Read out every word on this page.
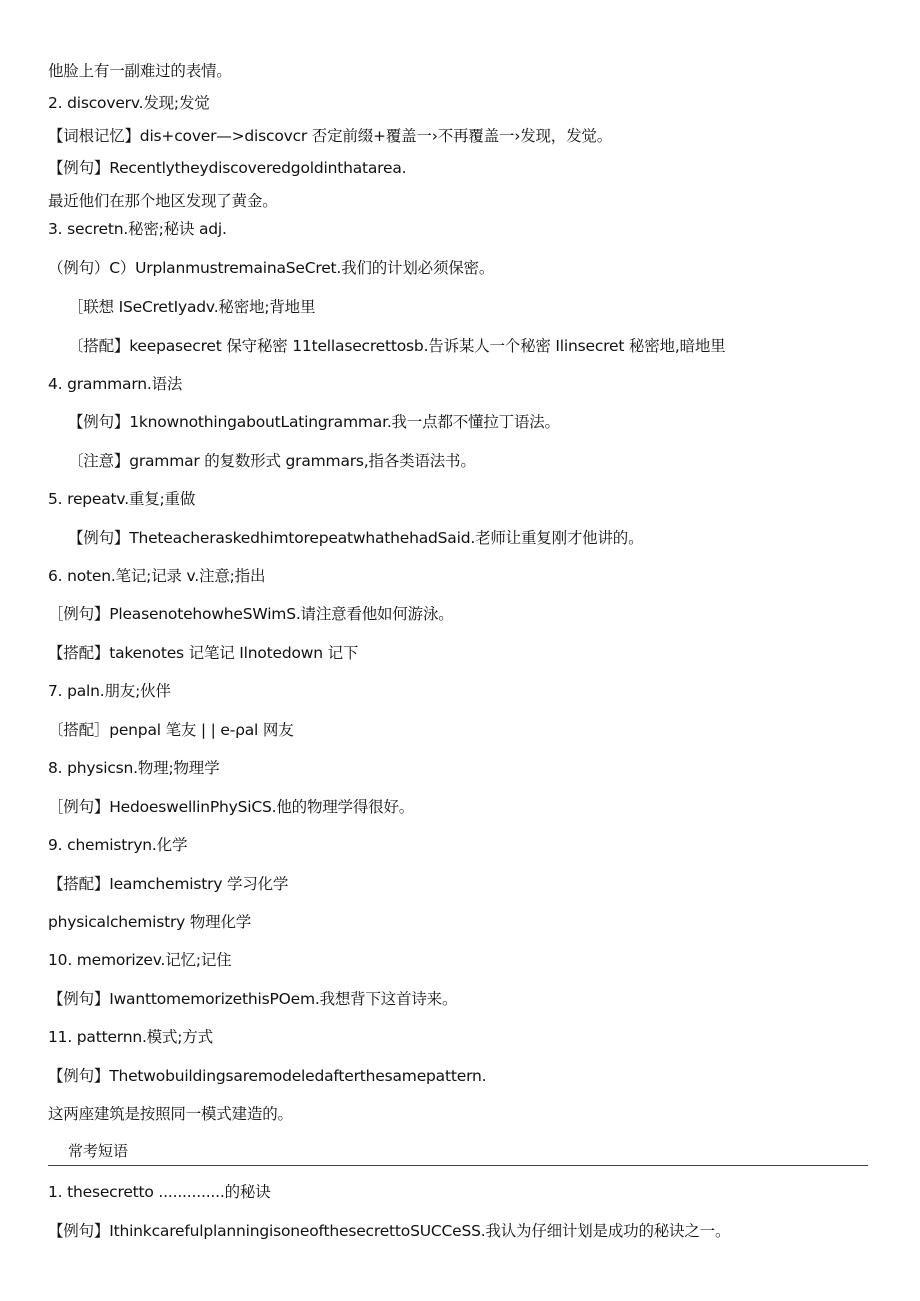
他脸上有一副难过的表情。
2. discoverv.发现;发觉
【词根记忆】dis+cover—>discovcr 否定前缀+覆盖一›不再覆盖一›发现，发觉。
【例句】Recentlytheydiscoveredgoldinthatarea.
最近他们在那个地区发现了黄金。
3. secretn.秘密;秘诀 adj.
（例句）C）UrplanmustremainaSeCret.我们的计划必须保密。
［联想 ISeCretIyadv.秘密地;背地里
〔搭配】keepasecret 保守秘密 11tellasecrettosb.告诉某人一个秘密 Ilinsecret 秘密地,暗地里
4. grammarn.语法
【例句】1knownothingaboutLatingrammar.我一点都不懂拉丁语法。
〔注意】grammar 的复数形式 grammars,指各类语法书。
5. repeatv.重复;重做
【例句】TheteacheraskedhimtorepeatwhathehadSaid.老师让重复刚才他讲的。
6. noten.笔记;记录 v.注意;指出
［例句】PleasenotehowheSWimS.请注意看他如何游泳。
【搭配】takenotes 记笔记 Ilnotedown 记下
7. paln.朋友;伙伴
〔搭配］penpal 笔友 | | e-ρal 网友
8. physicsn.物理;物理学
［例句】HedoeswellinPhySiCS.他的物理学得很好。
9. chemistryn.化学
【搭配】Ieamchemistry 学习化学
physicalchemistry 物理化学
10. memorizev.记忆;记住
【例句】IwanttomemorizethisPOem.我想背下这首诗来。
11. patternn.模式;方式
【例句】Thetwobuildingsaremodeledafterthesamepattern.
这两座建筑是按照同一模式建造的。
常考短语
1. thesecretto ..............的秘诀
【例句】IthinkcarefulplanningisoneofthesecrettoSUCCeSS.我认为仔细计划是成功的秘诀之一。
